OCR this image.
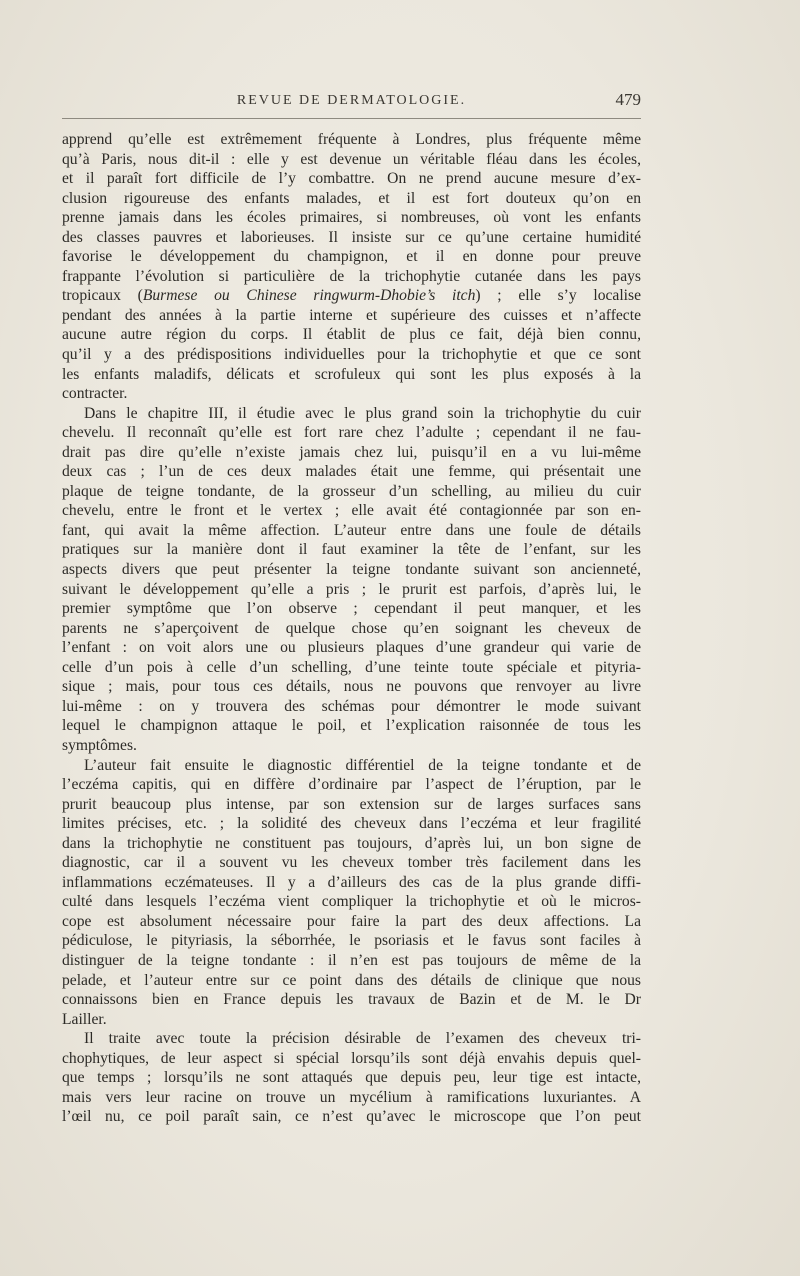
REVUE DE DERMATOLOGIE.	479
apprend qu’elle est extrêmement fréquente à Londres, plus fréquente même
qu’à Paris, nous dit-il : elle y est devenue un véritable fléau dans les écoles,
et il paraît fort difficile de l’y combattre. On ne prend aucune mesure d’ex-
clusion rigoureuse des enfants malades, et il est fort douteux qu’on en
prenne jamais dans les écoles primaires, si nombreuses, où vont les enfants
des classes pauvres et laborieuses. Il insiste sur ce qu’une certaine humidité
favorise le développement du champignon, et il en donne pour preuve
frappante l’évolution si particulière de la trichophytie cutanée dans les pays
tropicaux (Burmese ou Chinese ringwurm-Dhobie’s itch) ; elle s’y localise
pendant des années à la partie interne et supérieure des cuisses et n’affecte
aucune autre région du corps. Il établit de plus ce fait, déjà bien connu,
qu’il y a des prédispositions individuelles pour la trichophytie et que ce sont
les enfants maladifs, délicats et scrofuleux qui sont les plus exposés à la
contracter.
Dans le chapitre III, il étudie avec le plus grand soin la trichophytie du cuir
chevelu. Il reconnaît qu’elle est fort rare chez l’adulte ; cependant il ne fau-
drait pas dire qu’elle n’existe jamais chez lui, puisqu’il en a vu lui-même
deux cas ; l’un de ces deux malades était une femme, qui présentait une
plaque de teigne tondante, de la grosseur d’un schelling, au milieu du cuir
chevelu, entre le front et le vertex ; elle avait été contagionnée par son en-
fant, qui avait la même affection. L’auteur entre dans une foule de détails
pratiques sur la manière dont il faut examiner la tête de l’enfant, sur les
aspects divers que peut présenter la teigne tondante suivant son ancienneté,
suivant le développement qu’elle a pris ; le prurit est parfois, d’après lui, le
premier symptôme que l’on observe ; cependant il peut manquer, et les
parents ne s’aperçoivent de quelque chose qu’en soignant les cheveux de
l’enfant : on voit alors une ou plusieurs plaques d’une grandeur qui varie de
celle d’un pois à celle d’un schelling, d’une teinte toute spéciale et pityria-
sique ; mais, pour tous ces détails, nous ne pouvons que renvoyer au livre
lui-même : on y trouvera des schémas pour démontrer le mode suivant
lequel le champignon attaque le poil, et l’explication raisonnée de tous les
symptômes.
L’auteur fait ensuite le diagnostic différentiel de la teigne tondante et de
l’eczéma capitis, qui en diffère d’ordinaire par l’aspect de l’éruption, par le
prurit beaucoup plus intense, par son extension sur de larges surfaces sans
limites précises, etc. ; la solidité des cheveux dans l’eczéma et leur fragilité
dans la trichophytie ne constituent pas toujours, d’après lui, un bon signe de
diagnostic, car il a souvent vu les cheveux tomber très facilement dans les
inflammations eczémateuses. Il y a d’ailleurs des cas de la plus grande diffi-
culté dans lesquels l’eczéma vient compliquer la trichophytie et où le micros-
cope est absolument nécessaire pour faire la part des deux affections. La
pédiculose, le pityriasis, la séborrhée, le psoriasis et le favus sont faciles à
distinguer de la teigne tondante : il n’en est pas toujours de même de la
pelade, et l’auteur entre sur ce point dans des détails de clinique que nous
connaissons bien en France depuis les travaux de Bazin et de M. le Dr
Lailler.
Il traite avec toute la précision désirable de l’examen des cheveux tri-
chophytiques, de leur aspect si spécial lorsqu’ils sont déjà envahis depuis quel-
que temps ; lorsqu’ils ne sont attaqués que depuis peu, leur tige est intacte,
mais vers leur racine on trouve un mycélium à ramifications luxuriantes. A
l’œil nu, ce poil paraît sain, ce n’est qu’avec le microscope que l’on peut
